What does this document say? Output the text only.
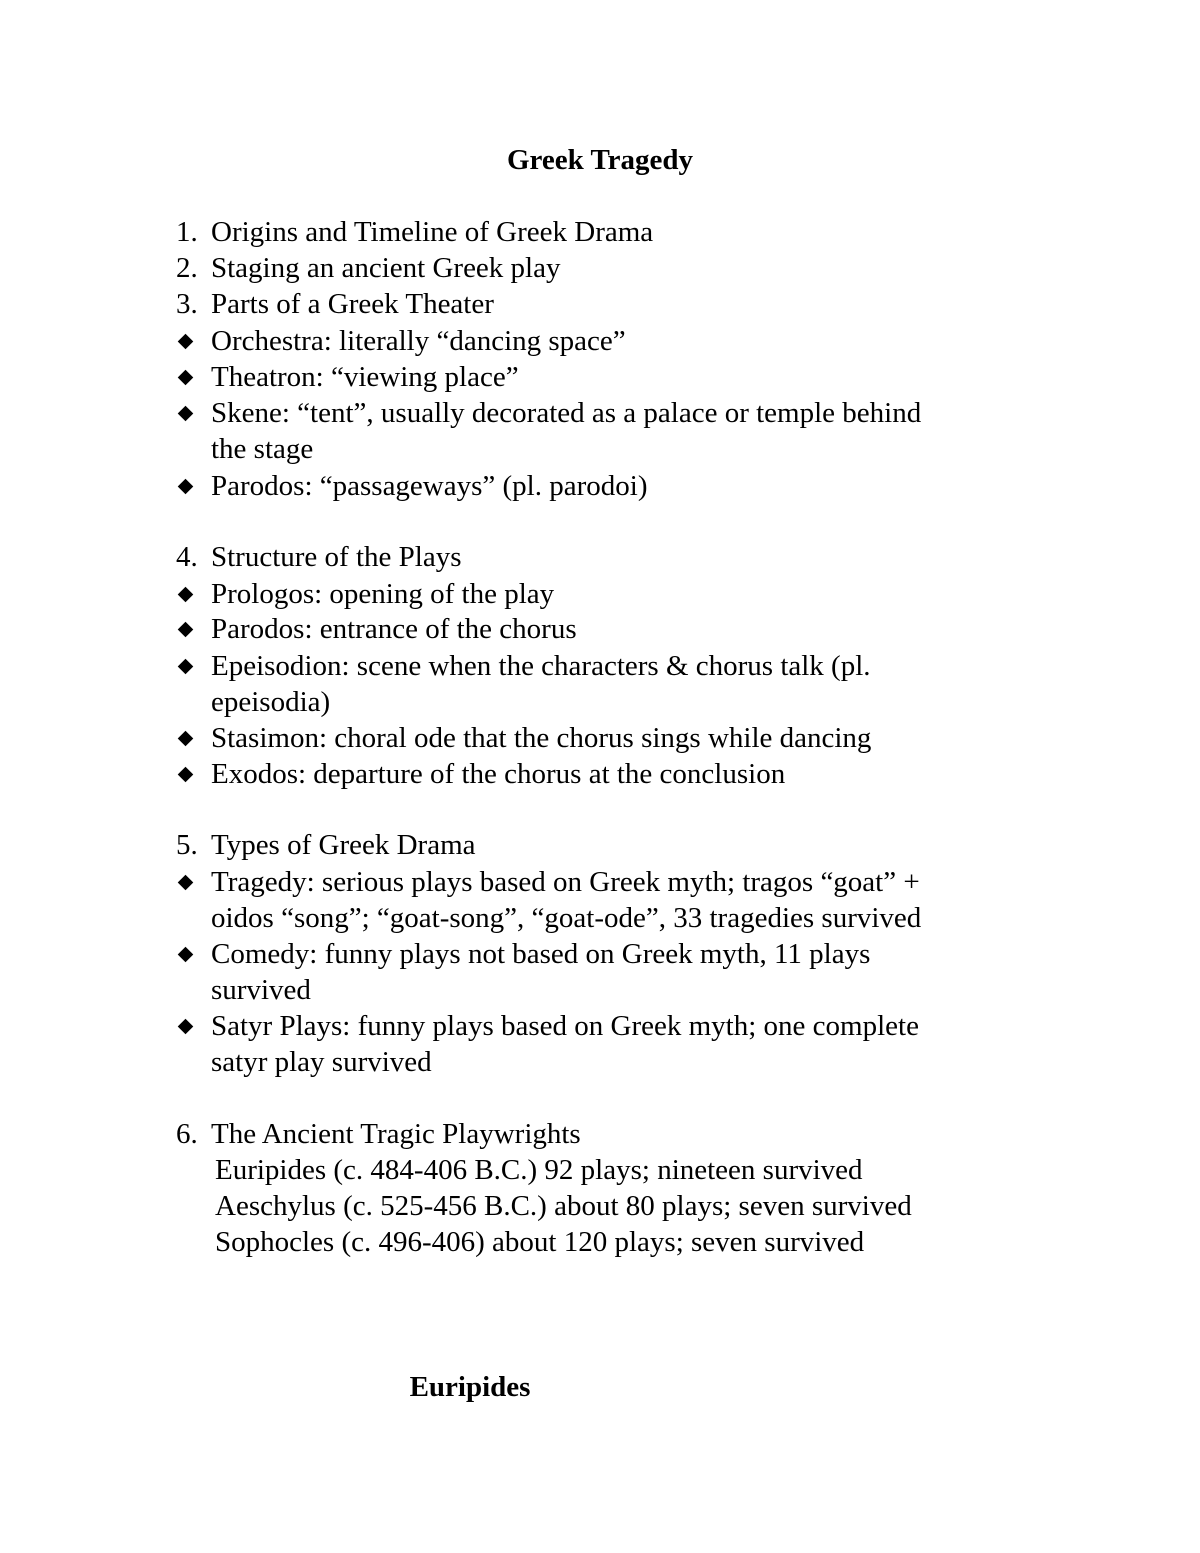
Greek Tragedy
1. Origins and Timeline of Greek Drama
2. Staging an ancient Greek play
3. Parts of a Greek Theater
Orchestra: literally “dancing space”
Theatron: “viewing place”
Skene: “tent”, usually decorated as a palace or temple behind
the stage
Parodos: “passageways” (pl. parodoi)
4. Structure of the Plays
Prologos: opening of the play
Parodos: entrance of the chorus
Epeisodion: scene when the characters & chorus talk (pl.
epeisodia)
Stasimon: choral ode that the chorus sings while dancing
Exodos: departure of the chorus at the conclusion
5. Types of Greek Drama
Tragedy: serious plays based on Greek myth; tragos “goat” +
oidos “song”; “goat-song”, “goat-ode”, 33 tragedies survived
Comedy: funny plays not based on Greek myth, 11 plays
survived
Satyr Plays: funny plays based on Greek myth; one complete
satyr play survived
6. The Ancient Tragic Playwrights
Euripides (c. 484-406 B.C.) 92 plays; nineteen survived
Aeschylus (c. 525-456 B.C.) about 80 plays; seven survived
Sophocles (c. 496-406) about 120 plays; seven survived
Euripides
